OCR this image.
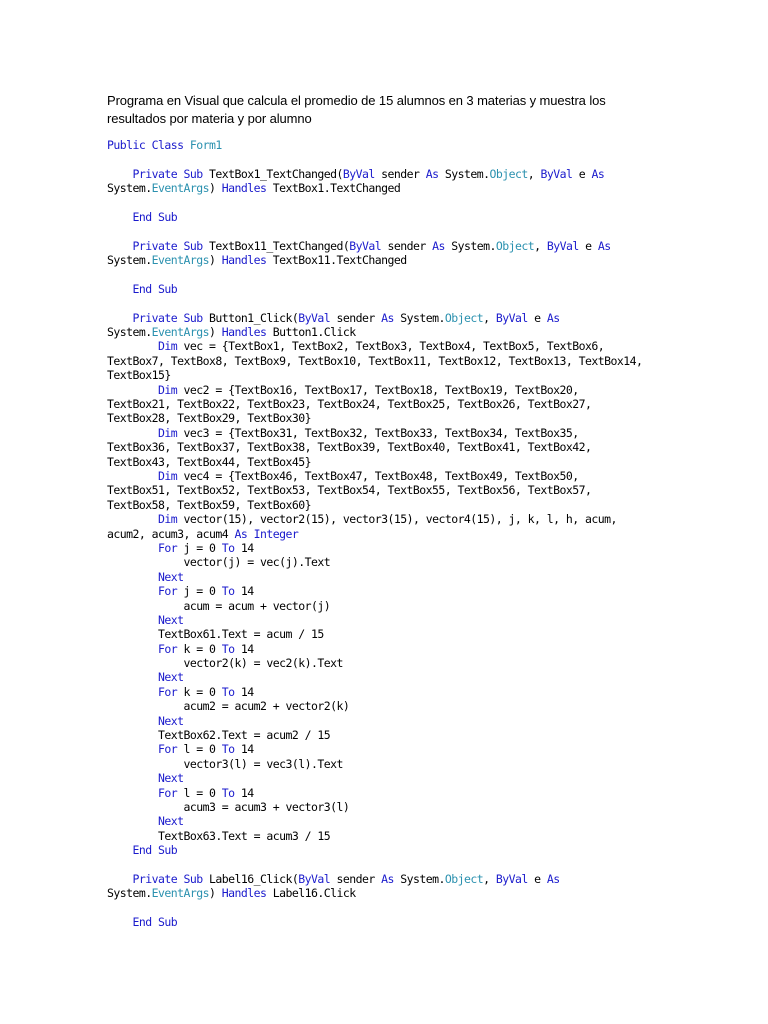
Programa en Visual que calcula el promedio de 15 alumnos en 3 materias y muestra los resultados por materia y por alumno
Public Class Form1
Private Sub TextBox1_TextChanged(ByVal sender As System.Object, ByVal e As
System.EventArgs) Handles TextBox1.TextChanged
End Sub
Private Sub TextBox11_TextChanged(ByVal sender As System.Object, ByVal e As
System.EventArgs) Handles TextBox11.TextChanged
End Sub
Private Sub Button1_Click(ByVal sender As System.Object, ByVal e As
System.EventArgs) Handles Button1.Click
Dim vec = {TextBox1, TextBox2, TextBox3, TextBox4, TextBox5, TextBox6,
TextBox7, TextBox8, TextBox9, TextBox10, TextBox11, TextBox12, TextBox13, TextBox14,
TextBox15}
Dim vec2 = {TextBox16, TextBox17, TextBox18, TextBox19, TextBox20,
TextBox21, TextBox22, TextBox23, TextBox24, TextBox25, TextBox26, TextBox27,
TextBox28, TextBox29, TextBox30}
Dim vec3 = {TextBox31, TextBox32, TextBox33, TextBox34, TextBox35,
TextBox36, TextBox37, TextBox38, TextBox39, TextBox40, TextBox41, TextBox42,
TextBox43, TextBox44, TextBox45}
Dim vec4 = {TextBox46, TextBox47, TextBox48, TextBox49, TextBox50,
TextBox51, TextBox52, TextBox53, TextBox54, TextBox55, TextBox56, TextBox57,
TextBox58, TextBox59, TextBox60}
Dim vector(15), vector2(15), vector3(15), vector4(15), j, k, l, h, acum,
acum2, acum3, acum4 As Integer
For j = 0 To 14
vector(j) = vec(j).Text
Next
For j = 0 To 14
acum = acum + vector(j)
Next
TextBox61.Text = acum / 15
For k = 0 To 14
vector2(k) = vec2(k).Text
Next
For k = 0 To 14
acum2 = acum2 + vector2(k)
Next
TextBox62.Text = acum2 / 15
For l = 0 To 14
vector3(l) = vec3(l).Text
Next
For l = 0 To 14
acum3 = acum3 + vector3(l)
Next
TextBox63.Text = acum3 / 15
End Sub
Private Sub Label16_Click(ByVal sender As System.Object, ByVal e As
System.EventArgs) Handles Label16.Click
End Sub
